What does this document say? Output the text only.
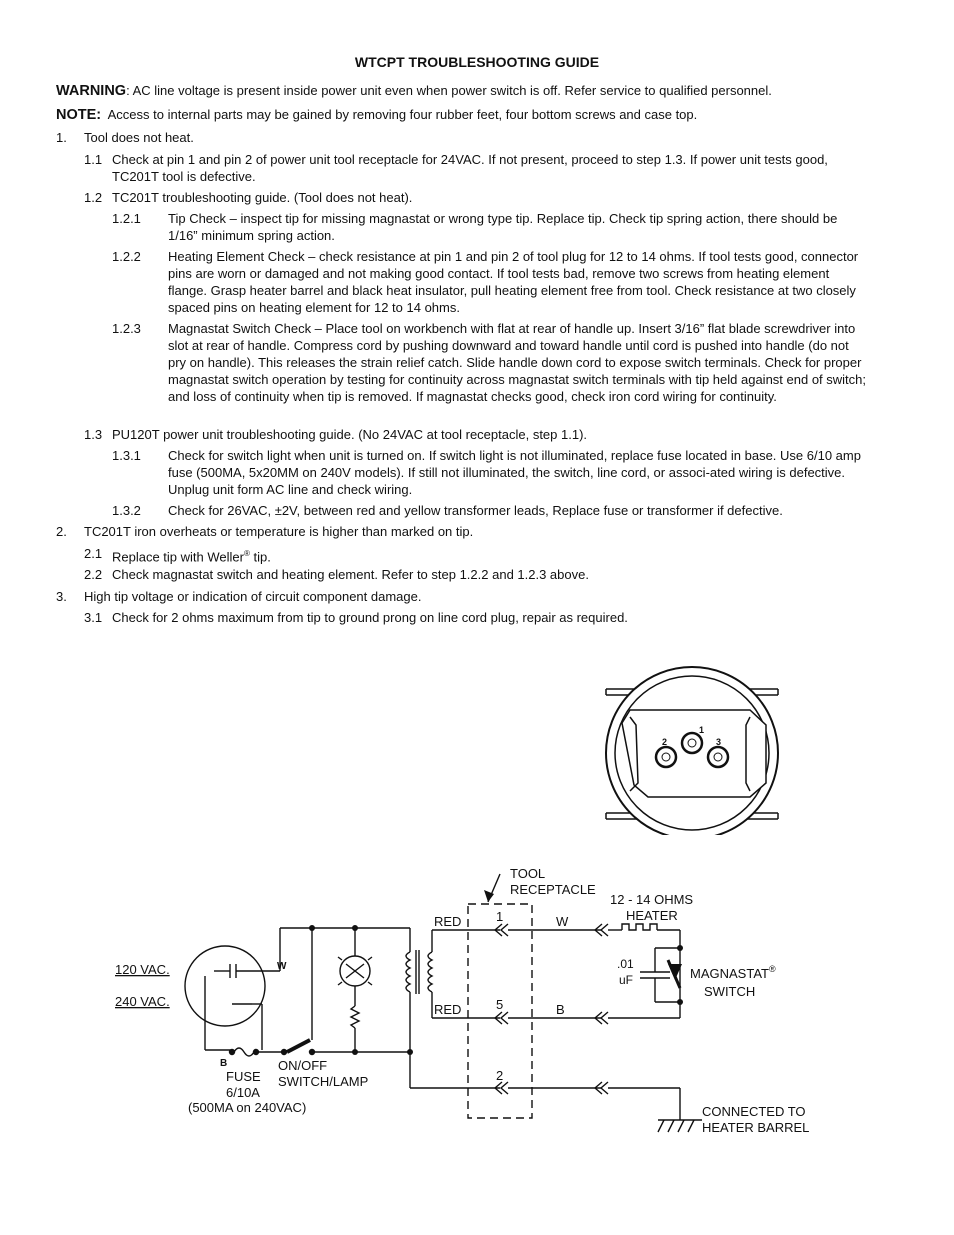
WTCPT TROUBLESHOOTING GUIDE
WARNING: AC line voltage is present inside power unit even when power switch is off. Refer service to qualified personnel.
NOTE: Access to internal parts may be gained by removing four rubber feet, four bottom screws and case top.
1. Tool does not heat.
1.1 Check at pin 1 and pin 2 of power unit tool receptacle for 24VAC. If not present, proceed to step 1.3. If power unit tests good, TC201T tool is defective.
1.2 TC201T troubleshooting guide. (Tool does not heat).
1.2.1 Tip Check – inspect tip for missing magnastat or wrong type tip. Replace tip. Check tip spring action, there should be 1/16” minimum spring action.
1.2.2 Heating Element Check – check resistance at pin 1 and pin 2 of tool plug for 12 to 14 ohms. If tool tests good, connector pins are worn or damaged and not making good contact. If tool tests bad, remove two screws from heating element flange. Grasp heater barrel and black heat insulator, pull heating element free from tool. Check resistance at two closely spaced pins on heating element for 12 to 14 ohms.
1.2.3 Magnastat Switch Check – Place tool on workbench with flat at rear of handle up. Insert 3/16” flat blade screwdriver into slot at rear of handle. Compress cord by pushing downward and toward handle until cord is pushed into handle (do not pry on handle). This releases the strain relief catch. Slide handle down cord to expose switch terminals. Check for proper magnastat switch operation by testing for continuity across magnastat switch terminals with tip held against end of switch; and loss of continuity when tip is removed. If magnastat checks good, check iron cord wiring for continuity.
1.3 PU120T power unit troubleshooting guide. (No 24VAC at tool receptacle, step 1.1).
1.3.1 Check for switch light when unit is turned on. If switch light is not illuminated, replace fuse located in base. Use 6/10 amp fuse (500MA, 5x20MM on 240V models). If still not illuminated, the switch, line cord, or associ-ated wiring is defective. Unplug unit form AC line and check wiring.
1.3.2 Check for 26VAC, ±2V, between red and yellow transformer leads, Replace fuse or transformer if defective.
2. TC201T iron overheats or temperature is higher than marked on tip.
2.1 Replace tip with Weller® tip.
2.2 Check magnastat switch and heating element. Refer to step 1.2.2 and 1.2.3 above.
3. High tip voltage or indication of circuit component damage.
3.1 Check for 2 ohms maximum from tip to ground prong on line cord plug, repair as required.
1
2	3
TOOL
RECEPTACLE
12 - 14 OHMS
HEATER
120 VAC.
240 VAC.
W
B
RED
RED
1
5
2
W
B
.01
uF	MAGNASTAT®
SWITCH
FUSE
6/10A
(500MA on 240VAC)
ON/OFF
SWITCH/LAMP
CONNECTED TO
HEATER BARREL
